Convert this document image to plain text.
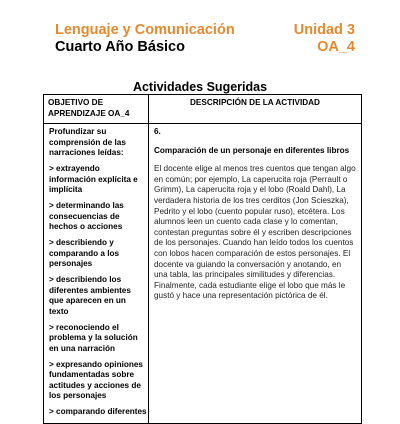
Lenguaje y Comunicación
Cuarto Año Básico
Unidad 3
OA_4
Actividades Sugeridas
OBJETIVO DE APRENDIZAJE OA_4
DESCRIPCIÓN DE LA ACTIVIDAD

Profundizar su comprensión de las narraciones leídas:

> extrayendo información explícita e implícita

> determinando las consecuencias de hechos o acciones

> describiendo y comparando a los personajes

> describiendo los diferentes ambientes que aparecen en un texto

> reconociendo el problema y la solución en una narración

> expresando opiniones fundamentadas sobre actitudes y acciones de los personajes

> comparando diferentes

6.

Comparación de un personaje en diferentes libros

El docente elige al menos tres cuentos que tengan algo en común; por ejemplo, La caperucita roja (Perrault o Grimm), La caperucita roja y el lobo (Roald Dahl), La verdadera historia de los tres cerditos (Jon Scieszka), Pedrito y el lobo (cuento popular ruso), etcétera. Los alumnos leen un cuento cada clase y lo comentan, contestan preguntas sobre él y escriben descripciones de los personajes. Cuando han leído todos los cuentos con lobos hacen comparación de estos personajes. El docente va guiando la conversación y anotando, en una tabla, las principales similitudes y diferencias. Finalmente, cada estudiante elige el lobo que más le gustó y hace una representación pictórica de él.
